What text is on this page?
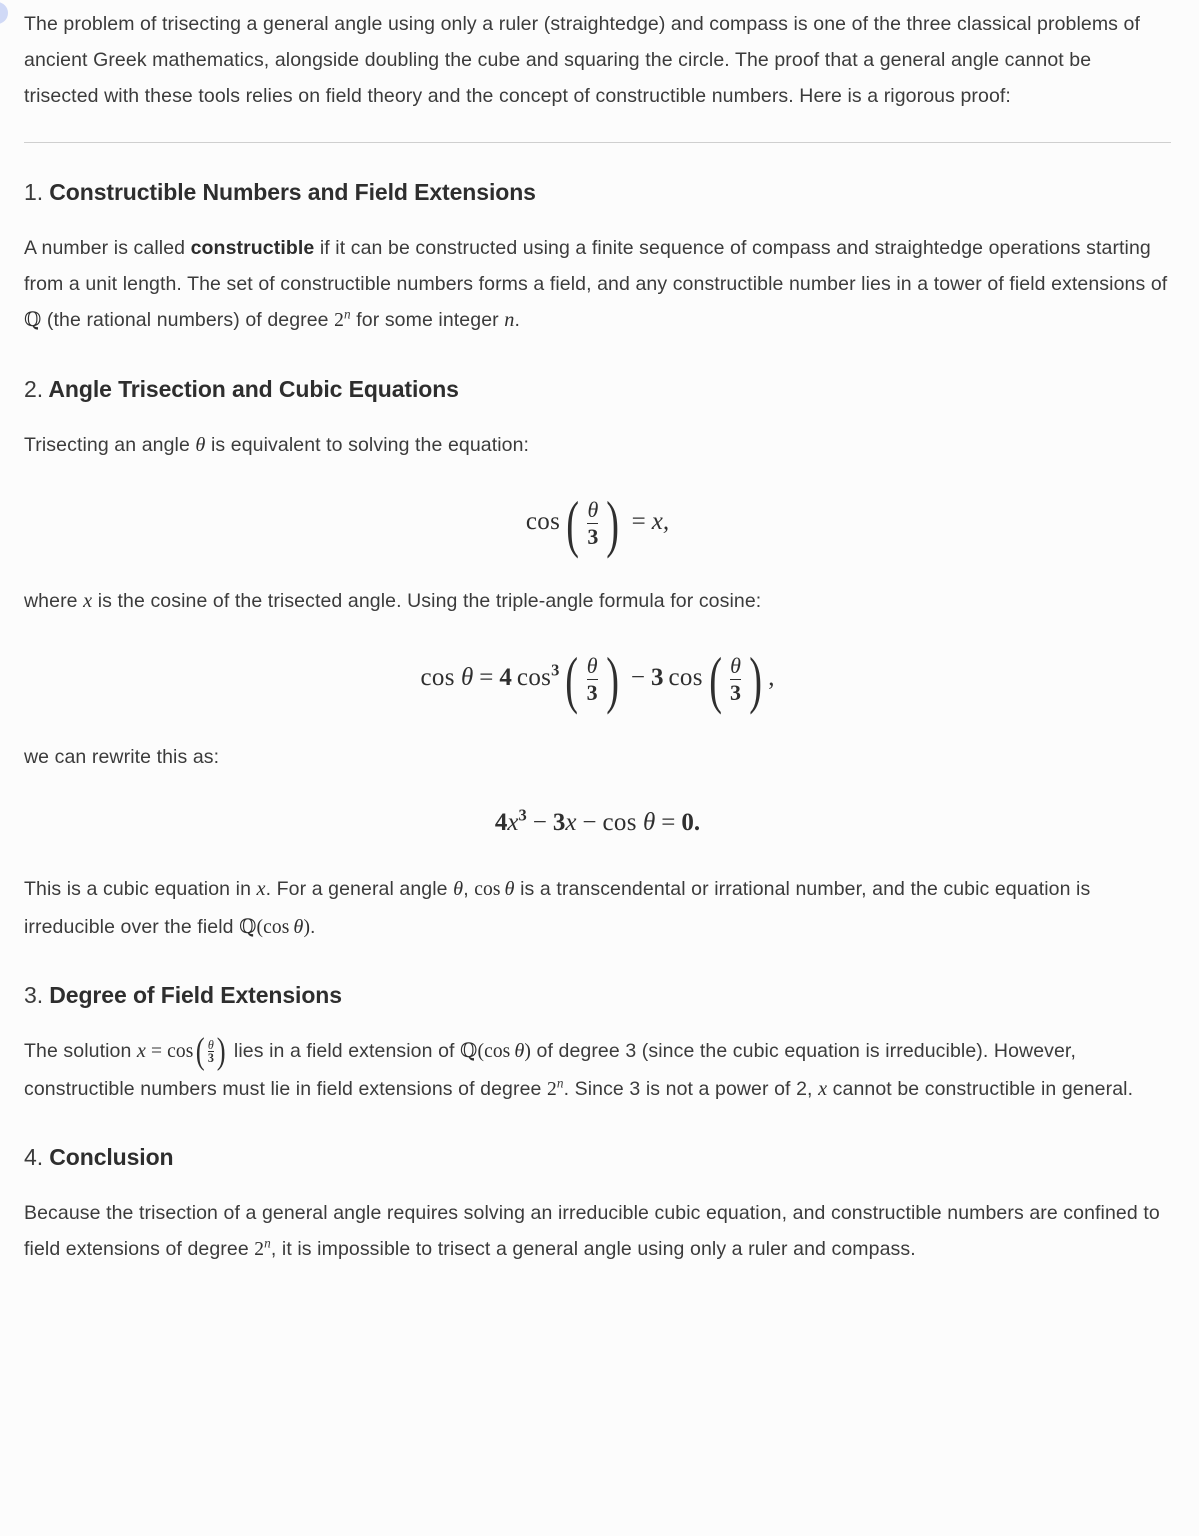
The problem of trisecting a general angle using only a ruler (straightedge) and compass is one of the three classical problems of ancient Greek mathematics, alongside doubling the cube and squaring the circle. The proof that a general angle cannot be trisected with these tools relies on field theory and the concept of constructible numbers. Here is a rigorous proof:

1. Constructible Numbers and Field Extensions

A number is called constructible if it can be constructed using a finite sequence of compass and straightedge operations starting from a unit length. The set of constructible numbers forms a field, and any constructible number lies in a tower of field extensions of ℚ (the rational numbers) of degree 2$^n$ for some integer n.

2. Angle Trisection and Cubic Equations

Trisecting an angle θ is equivalent to solving the equation:

cos ( $\frac{\theta}{3}$ ) = x,

where x is the cosine of the trisected angle. Using the triple-angle formula for cosine:

cos θ = 4  $\cos^3$ ( $\frac{\theta}{3}$ ) − 3  cos ( $\frac{\theta}{3}$ ) ,

we can rewrite this as:

$4x^3 - 3x - \cos \theta = 0$.

This is a cubic equation in x. For a general angle θ, cos θ is a transcendental or irrational number, and the cubic equation is irreducible over the field ℚ(cos θ).

3. Degree of Field Extensions

The solution x = cos ( $\frac{\theta}{3}$ ) lies in a field extension of ℚ(cos θ) of degree 3 (since the cubic equation is irreducible). However, constructible numbers must lie in field extensions of degree 2$^n$. Since 3 is not a power of 2, x cannot be constructible in general.

4. Conclusion

Because the trisection of a general angle requires solving an irreducible cubic equation, and constructible numbers are confined to field extensions of degree 2$^n$, it is impossible to trisect a general angle using only a ruler and compass.
